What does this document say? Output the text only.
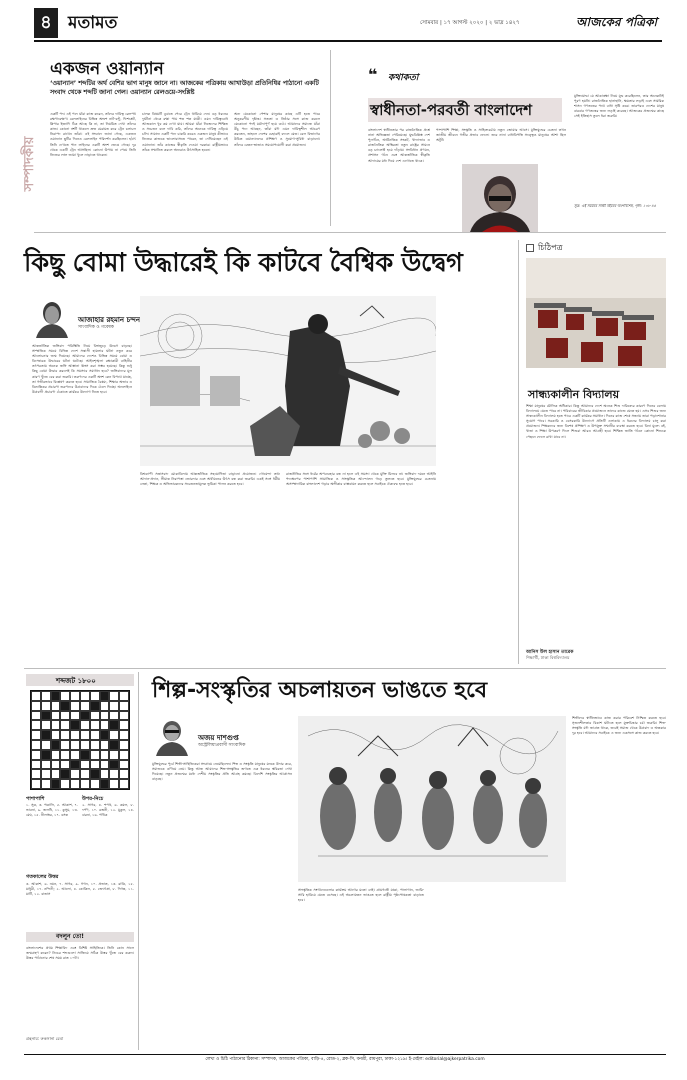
৪ মতামত	সোমবার | ১৭ আগস্ট ২০২০ | ২ ভাদ্র ১৪২৭	আজকের পত্রিকা
সম্পাদকীয়
একজন ওয়ান্যান
‘ওয়ান্যান’ শব্দটির অর্থ বেশির ভাগ মানুষ জানে না। আজকের পত্রিকায় আখাউড়া প্রতিনিধির পাঠানো একটি সংবাদ থেকে শব্দটি জানা গেল। ওয়ান্যান রেলওয়ে-সংশ্লিষ্ট
একটি পদ। এই পদে যাঁরা কাজ করেন, তাঁদের দায়িত্ব রেলপথ রক্ষণাবেক্ষণ। রেললাইনের বিভিন্ন অংশে নাট-বল্টু, ফিশপ্লেট, স্লিপার ইত্যাদি ঠিক আছে কি না, তা নিয়মিত দেখা তাঁদের কাজ। কোনো ত্রুটি থাকলে দ্রুত মেরামত করে ট্রেন চলাচল নিরাপদ রাখেন তাঁরা। এই সংবাদে জানা গেছে, একজন ওয়ান্যান ছুটির দিনেও রেললাইন পরিদর্শন করছিলেন। হঠাৎ তিনি দেখতে পান লাইনের একটি অংশ ভেঙে গেছে। দূর থেকে একটি ট্রেন আসছিল। কোনো উপায় না পেয়ে তিনি নিজের লাল জামা খুলে নাড়াতে থাকেন।
চালক বিষয়টি বুঝতে পেরে ট্রেন থামিয়ে দেন। বড় ধরনের দুর্ঘটনা থেকে রক্ষা পায় শত শত যাত্রী। এমন দায়িত্ববোধ আজকাল খুব কম দেখা যায়। আমরা যাঁরা নিজেদের শিক্ষিত ও সচেতন বলে দাবি করি, তাঁদের অনেকে দায়িত্ব এড়িয়ে চলি। সামান্য একটি পদে চাকরি করেও একজন মানুষ কীভাবে নিজের কাজকে ভালোবাসতে পারেন, তা দেখিয়েছেন এই ওয়ান্যান। তাঁর কাজের স্বীকৃতি দেওয়া দরকার। রাষ্ট্রীয়ভাবে তাঁকে সম্মানিত করলে অন্যরাও উৎসাহিত হবেন।
অন্য যেকোনো পেশার মানুষের কাছে এটি হতে পারে অনুকরণীয় দৃষ্টান্ত। সততা ও নিষ্ঠার সঙ্গে কাজ করলে যেকোনো পদই মর্যাদাপূর্ণ হয়ে ওঠে। আমাদের সমাজে যাঁরা উঁচু পদে আছেন, তাঁরা যদি এমন দায়িত্বশীল আচরণ করতেন, তাহলে দেশের চেহারাই বদলে যেত। রেল বিভাগের উচিত ওয়ান্যানদের প্রশিক্ষণ ও সুযোগ-সুবিধা বাড়ানো। তাঁদের বেতন-ভাতাও সময়োপযোগী করা প্রয়োজন।
❝ কথাকতা
স্বাধীনতা-পরবর্তী বাংলাদেশ
বাংলাদেশ স্বাধীনতার পর রাজনৈতিক প্রশ্নে নানা অভিজ্ঞতা পেরিয়েছে। যুদ্ধবিধ্বস্ত দেশ পুনর্গঠন, অর্থনৈতিক সংকট, খাদ্যাভাব ও রাজনৈতিক অস্থিরতা নতুন রাষ্ট্রের সামনে বড় চ্যালেঞ্জ হয়ে দাঁড়ায়। সংবিধান প্রণয়ন, প্রশাসন গঠন এবং আন্তর্জাতিক স্বীকৃতি আদায়ের মধ্য দিয়ে দেশ এগোতে থাকে।
পাশাপাশি শিক্ষা, সংস্কৃতি ও সাহিত্যচর্চায় নতুন জোয়ার আসে। মুক্তিযুদ্ধের চেতনা তখন জাতীয় জীবনে গভীর প্রভাব ফেলে। তবে নানা বাধাবিপত্তি সত্ত্বেও মানুষের আশা ছিল অটুট।
মুক্তিযোদ্ধা যে আকাঙ্ক্ষা নিয়ে যুদ্ধ করেছিলেন, তার অনেকটাই পূরণ হয়নি। রাজনৈতিক হানাহানি, ক্ষমতার লড়াই এবং সামরিক শাসন গণতন্ত্রের পথে বাধা সৃষ্টি করে। তারপরও দেশের মানুষ বারবার গণতন্ত্রের জন্য লড়াই করেছে। আজকের প্রজন্মের কাছে সেই ইতিহাস তুলে ধরা জরুরি।
সূত্র: এই সময়ের সাক্ষী বইয়ের অংশবিশেষ, পৃষ্ঠা: ১৩৮-৪৫
কিছু বোমা উদ্ধারেই কি কাটবে বৈশ্বিক উদ্বেগ
আজাহার রহমান চন্দন
সাংবাদিক ও গবেষক
আন্তর্জাতিক জঙ্গিবাদ পরিস্থিতি নিয়ে বিশ্বজুড়ে উদ্বেগ বাড়ছে। সাম্প্রতিক সময়ে বিভিন্ন দেশে সন্ত্রাসী হামলার ঘটনা নতুন করে আলোচনার জন্ম দিয়েছে। আমাদের দেশেও বিভিন্ন সময়ে বোমা ও বিস্ফোরক উদ্ধারের ঘটনা ঘটেছে। আইনশৃঙ্খলা রক্ষাকারী বাহিনীর তৎপরতায় অনেক জঙ্গি আস্তানা ধ্বংস করা সম্ভব হয়েছে। কিন্তু শুধু কিছু বোমা উদ্ধার করলেই কি সমস্যার সমাধান হবে? জঙ্গিবাদের মূল কারণ খুঁজে বের করা জরুরি। তরুণদের একটি অংশ কেন বিপথে যাচ্ছে, তা গভীরভাবে বিশ্লেষণ করতে হবে। সামাজিক বৈষম্য, শিক্ষার অভাব ও বিভ্রান্তিকর প্রচারণা তরুণদের উগ্রবাদের দিকে ঠেলে দিচ্ছে। অনলাইনে উগ্রবাদী প্রচারণা ঠেকাতে কার্যকর উদ্যোগ নিতে হবে।
বিশ্বব্যাপী সন্ত্রাসবাদ মোকাবিলায় আন্তর্জাতিক সহযোগিতা বাড়ানো প্রয়োজন। গোয়েন্দা তথ্য আদান-প্রদান, সীমান্ত নিরাপত্তা জোরদার এবং অর্থায়নের উৎস বন্ধ করা জরুরি। একই সঙ্গে ধর্মীয় নেতা, শিক্ষক ও অভিভাবকদের সচেতনতামূলক ভূমিকা পালন করতে হবে।
রাজনীতির সঙ্গে ধর্মের অপব্যবহার বন্ধ না হলে এই সমস্যা থেকে মুক্তি মিলবে না। জঙ্গিবাদ দমনে আইনি পদক্ষেপের পাশাপাশি সামাজিক ও সাংস্কৃতিক আন্দোলন গড়ে তুলতে হবে। মুক্তিযুদ্ধের চেতনায় অসাম্প্রদায়িক বাংলাদেশ গড়ার অঙ্গীকার বাস্তবায়ন করতে হলে সবাইকে ঐক্যবদ্ধ হতে হবে।
চিঠিপত্র
সান্ধ্যকালীন বিদ্যালয়
শিক্ষা মানুষের মৌলিক অধিকার। কিন্তু আমাদের দেশে অনেক শিশু দারিদ্র্যের কারণে দিনের বেলায় বিদ্যালয়ে যেতে পারে না। পরিবারের জীবিকার প্রয়োজনে তাদের কাজে যেতে হয়। এসব শিশুর জন্য সান্ধ্যকালীন বিদ্যালয় হতে পারে একটি কার্যকর সমাধান। দিনের কাজ শেষে সন্ধ্যায় তারা পড়াশোনার সুযোগ পাবে। সরকারি ও বেসরকারি উদ্যোগে প্রতিটি এলাকায় এ ধরনের বিদ্যালয় চালু করা প্রয়োজন। শিক্ষকদের জন্য বিশেষ প্রশিক্ষণ ও উপযুক্ত সম্মানীর ব্যবস্থা করতে হবে। বিনা মূল্যে বই, খাতা ও শিক্ষা উপকরণ দিলে শিশুরা আরও আগ্রহী হবে। শিক্ষিত জাতি গঠনে কোনো শিশুকে পেছনে ফেলে রাখা যাবে না।
আনিস উল হাসান তারেক
শিক্ষার্থী, ঢাকা বিশ্ববিদ্যালয়
শব্দজট ১৮০০
পাশাপাশি
১. সূত্র, ৩. পত্রালি, ৫. আকাশ, ৭. ভাবনা, ৯. জলধি, ১১. কুসুম, ১৩. মেঘ, ১৫. নীলাম্বর, ১৭. বসন্ত
উপর-নিচে
২. সাগর, ৪. শপথ, ৬. কমল, ৮. দর্পণ, ১০. রজনী, ১২. মুকুল, ১৪. ঝরনা, ১৬. পথিক
গতকালের উত্তর
৩. আকাশ, ৬. নয়ন, ৭. সাগর, ৯. গগন, ১০. প্রভাত, ১৩. রাত্রি, ১৫. মাধুরী, ১৭. নন্দিনী; ২. আলো, ৪. কোকিল, ৫. জ্যোৎস্না, ৮. দিগন্ত, ১১. মাটি, ১২. বাতাস
বদলুন তো!
বাংলাদেশের প্রথম শিক্ষাবিদ এবং বিশিষ্ট সাহিত্যিক। তিনি কোন সালে জন্মগ্রহণ করেন? নিচের শব্দগুলো সাজিয়ে সঠিক উত্তর খুঁজে বের করুন। উত্তর পাঠানোর শেষ সময় রাত ১০টা।
গ্রন্থনায়: রুকসানা রেবা
শিল্প-সংস্কৃতির অচলায়তন ভাঙতে হবে
অজয় দাশগুপ্ত
অস্ট্রেলিয়াপ্রবাসী সাংবাদিক
মুক্তিযুদ্ধের পূর্বে শিল্পী-সাহিত্যিকরা সংগ্রামে নেমেছিলেন। শিল্প ও সংস্কৃতি মানুষের মনকে উদার করে, সমাজকে এগিয়ে নেয়। কিন্তু আজ আমাদের শিল্প-সংস্কৃতির জগতে এক ধরনের স্থবিরতা দেখা দিয়েছে। নতুন প্রজন্মের মধ্যে দেশীয় সংস্কৃতির প্রতি আগ্রহ কমছে। বিদেশি সংস্কৃতির আগ্রাসন বাড়ছে।
সাংস্কৃতিক সংগঠনগুলোর কার্যক্রম আগের মতো নেই। গ্রামগঞ্জে যাত্রা, পালাগান, জারি-সারি হারিয়ে যেতে বসেছে। এই অচলায়তন ভাঙতে হলে রাষ্ট্রীয় পৃষ্ঠপোষকতা বাড়াতে হবে।
শিল্পীদের স্বাধীনভাবে কাজ করার পরিবেশ নিশ্চিত করতে হবে। সৃজনশীলতার বিকাশ ঘটাতে হলে মুক্তচিন্তার চর্চা জরুরি। শিল্প-সংস্কৃতি যদি জাগ্রত থাকে, তবেই সমাজ থেকে উগ্রবাদ ও অন্ধকার দূর হবে। আমাদের সবাইকে এ জন্য একসঙ্গে কাজ করতে হবে।
লেখা ও চিঠি পাঠানোর ঠিকানা: সম্পাদক, আজকের পত্রিকা, বাড়ি-৪, রোড-২, ব্লক-সি, বনশ্রী, রামপুরা, ঢাকা-১২১৯। ই-মেইল: editorial@ajkerpatrika.com
